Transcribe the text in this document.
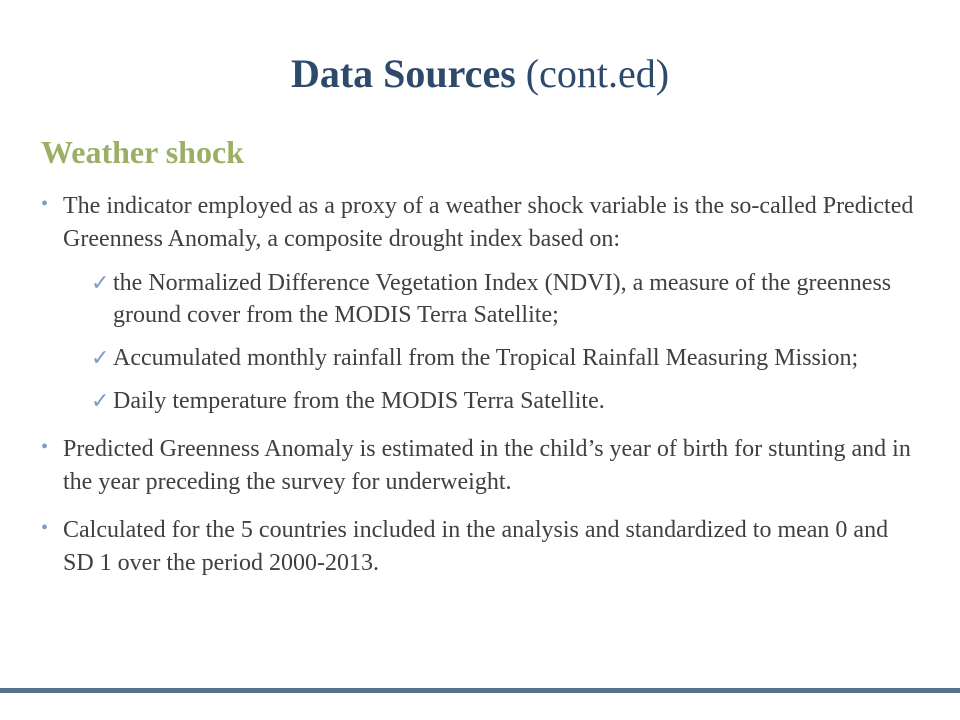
Data Sources (cont.ed)
Weather shock
• The indicator employed as a proxy of a weather shock variable is the so-called Predicted Greenness Anomaly, a composite drought index based on:
✓ the Normalized Difference Vegetation Index (NDVI), a measure of the greenness ground cover from the MODIS Terra Satellite;
✓ Accumulated monthly rainfall from the Tropical Rainfall Measuring Mission;
✓ Daily temperature from the MODIS Terra Satellite.
• Predicted Greenness Anomaly is estimated in the child’s year of birth for stunting and in the year preceding the survey for underweight.
• Calculated for the 5 countries included in the analysis and standardized to mean 0 and SD 1 over the period 2000-2013.
